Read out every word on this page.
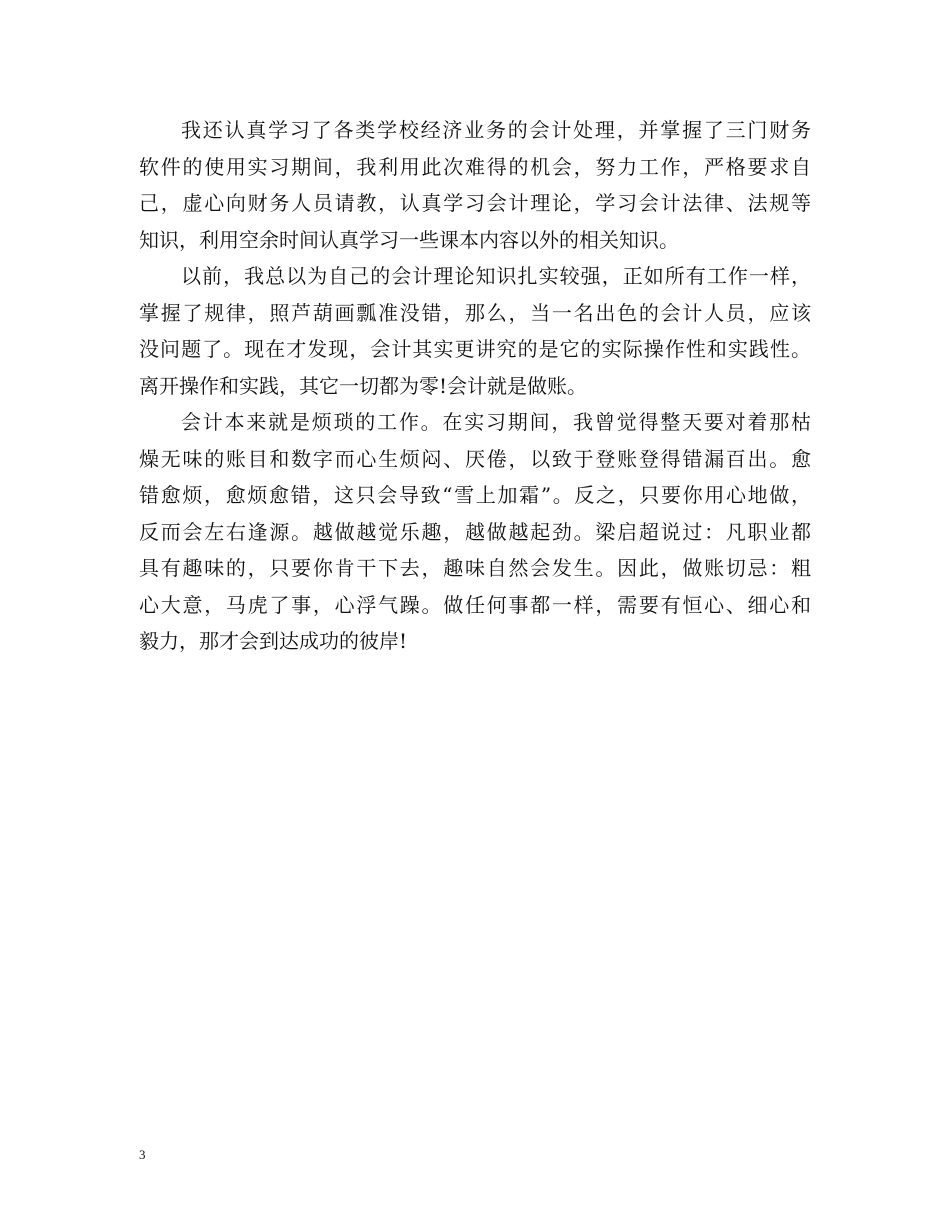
我还认真学习了各类学校经济业务的会计处理，并掌握了三门财务
软件的使用实习期间，我利用此次难得的机会，努力工作，严格要求自
己，虚心向财务人员请教，认真学习会计理论，学习会计法律、法规等
知识，利用空余时间认真学习一些课本内容以外的相关知识。
以前，我总以为自己的会计理论知识扎实较强，正如所有工作一样，
掌握了规律，照芦葫画瓢准没错，那么，当一名出色的会计人员，应该
没问题了。现在才发现，会计其实更讲究的是它的实际操作性和实践性。
离开操作和实践，其它一切都为零!会计就是做账。
会计本来就是烦琐的工作。在实习期间，我曾觉得整天要对着那枯
燥无味的账目和数字而心生烦闷、厌倦，以致于登账登得错漏百出。愈
错愈烦，愈烦愈错，这只会导致“雪上加霜”。反之，只要你用心地做，
反而会左右逢源。越做越觉乐趣，越做越起劲。梁启超说过：凡职业都
具有趣味的，只要你肯干下去，趣味自然会发生。因此，做账切忌：粗
心大意，马虎了事，心浮气躁。做任何事都一样，需要有恒心、细心和
毅力，那才会到达成功的彼岸!
3
